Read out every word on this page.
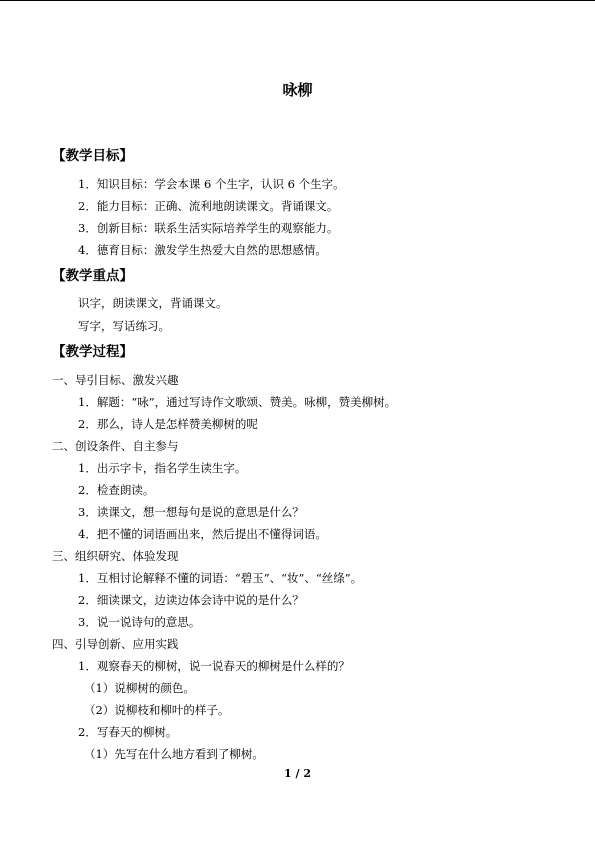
咏柳
【教学目标】
1．知识目标：学会本课 6 个生字，认识 6 个生字。
2．能力目标：正确、流利地朗读课文。背诵课文。
3．创新目标：联系生活实际培养学生的观察能力。
4．德育目标：激发学生热爱大自然的思想感情。
【教学重点】
识字，朗读课文，背诵课文。
写字，写话练习。
【教学过程】
一、导引目标、激发兴趣
1．解题：“咏”，通过写诗作文歌颂、赞美。咏柳，赞美柳树。
2．那么，诗人是怎样赞美柳树的呢
二、创设条件、自主参与
1．出示字卡，指名学生读生字。
2．检查朗读。
3．读课文，想一想每句是说的意思是什么？
4．把不懂的词语画出来，然后提出不懂得词语。
三、组织研究、体验发现
1．互相讨论解释不懂的词语：“碧玉”、“妆”、“丝绦”。
2．细读课文，边读边体会诗中说的是什么？
3．说一说诗句的意思。
四、引导创新、应用实践
1．观察春天的柳树，说一说春天的柳树是什么样的？
（1）说柳树的颜色。
（2）说柳枝和柳叶的样子。
2．写春天的柳树。
（1）先写在什么地方看到了柳树。
1 / 2
